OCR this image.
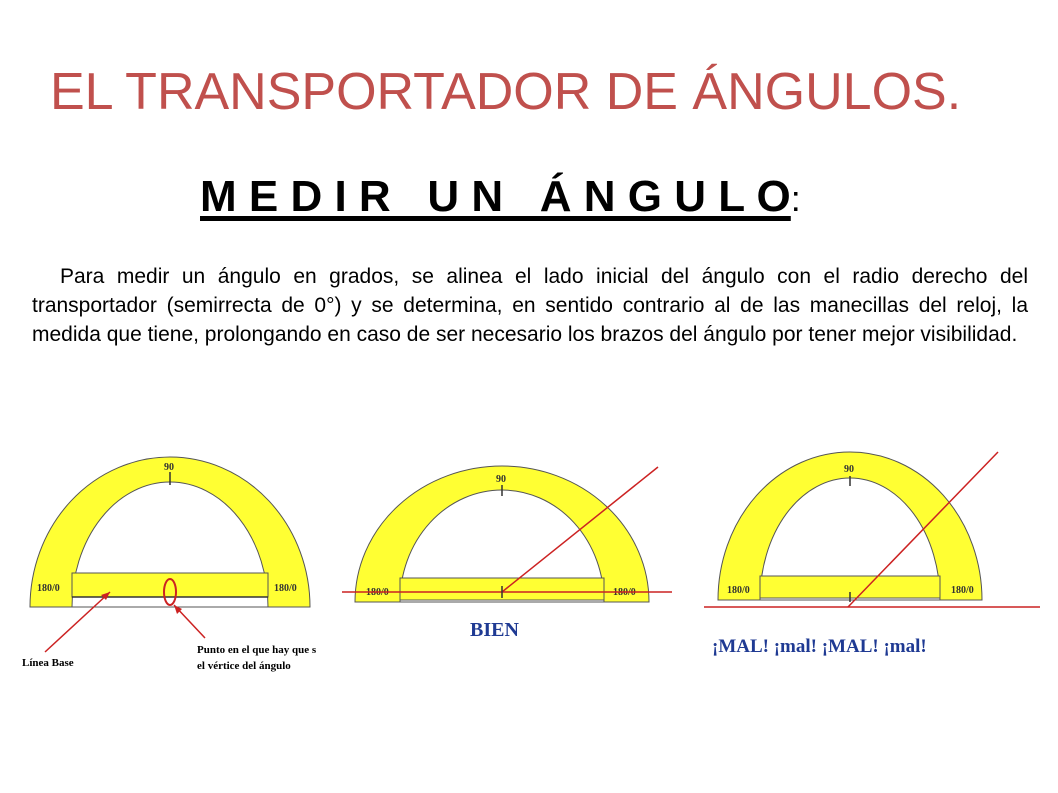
EL TRANSPORTADOR DE ÁNGULOS.
M E D I R   U N   Á N G U L O:

Para medir un ángulo en grados, se alinea el lado inicial del ángulo con el radio derecho del transportador (semirrecta de 0°) y se determina, en sentido contrario al de las manecillas del reloj, la medida que tiene, prolongando en caso de ser necesario los brazos del ángulo por tener mejor visibilidad.

90
180/0	180/0
Línea Base
Punto en el que hay que s
el vértice del ángulo
90
180/0	180/0
BIEN
90
180/0	180/0
¡MAL! ¡mal! ¡MAL! ¡mal!
